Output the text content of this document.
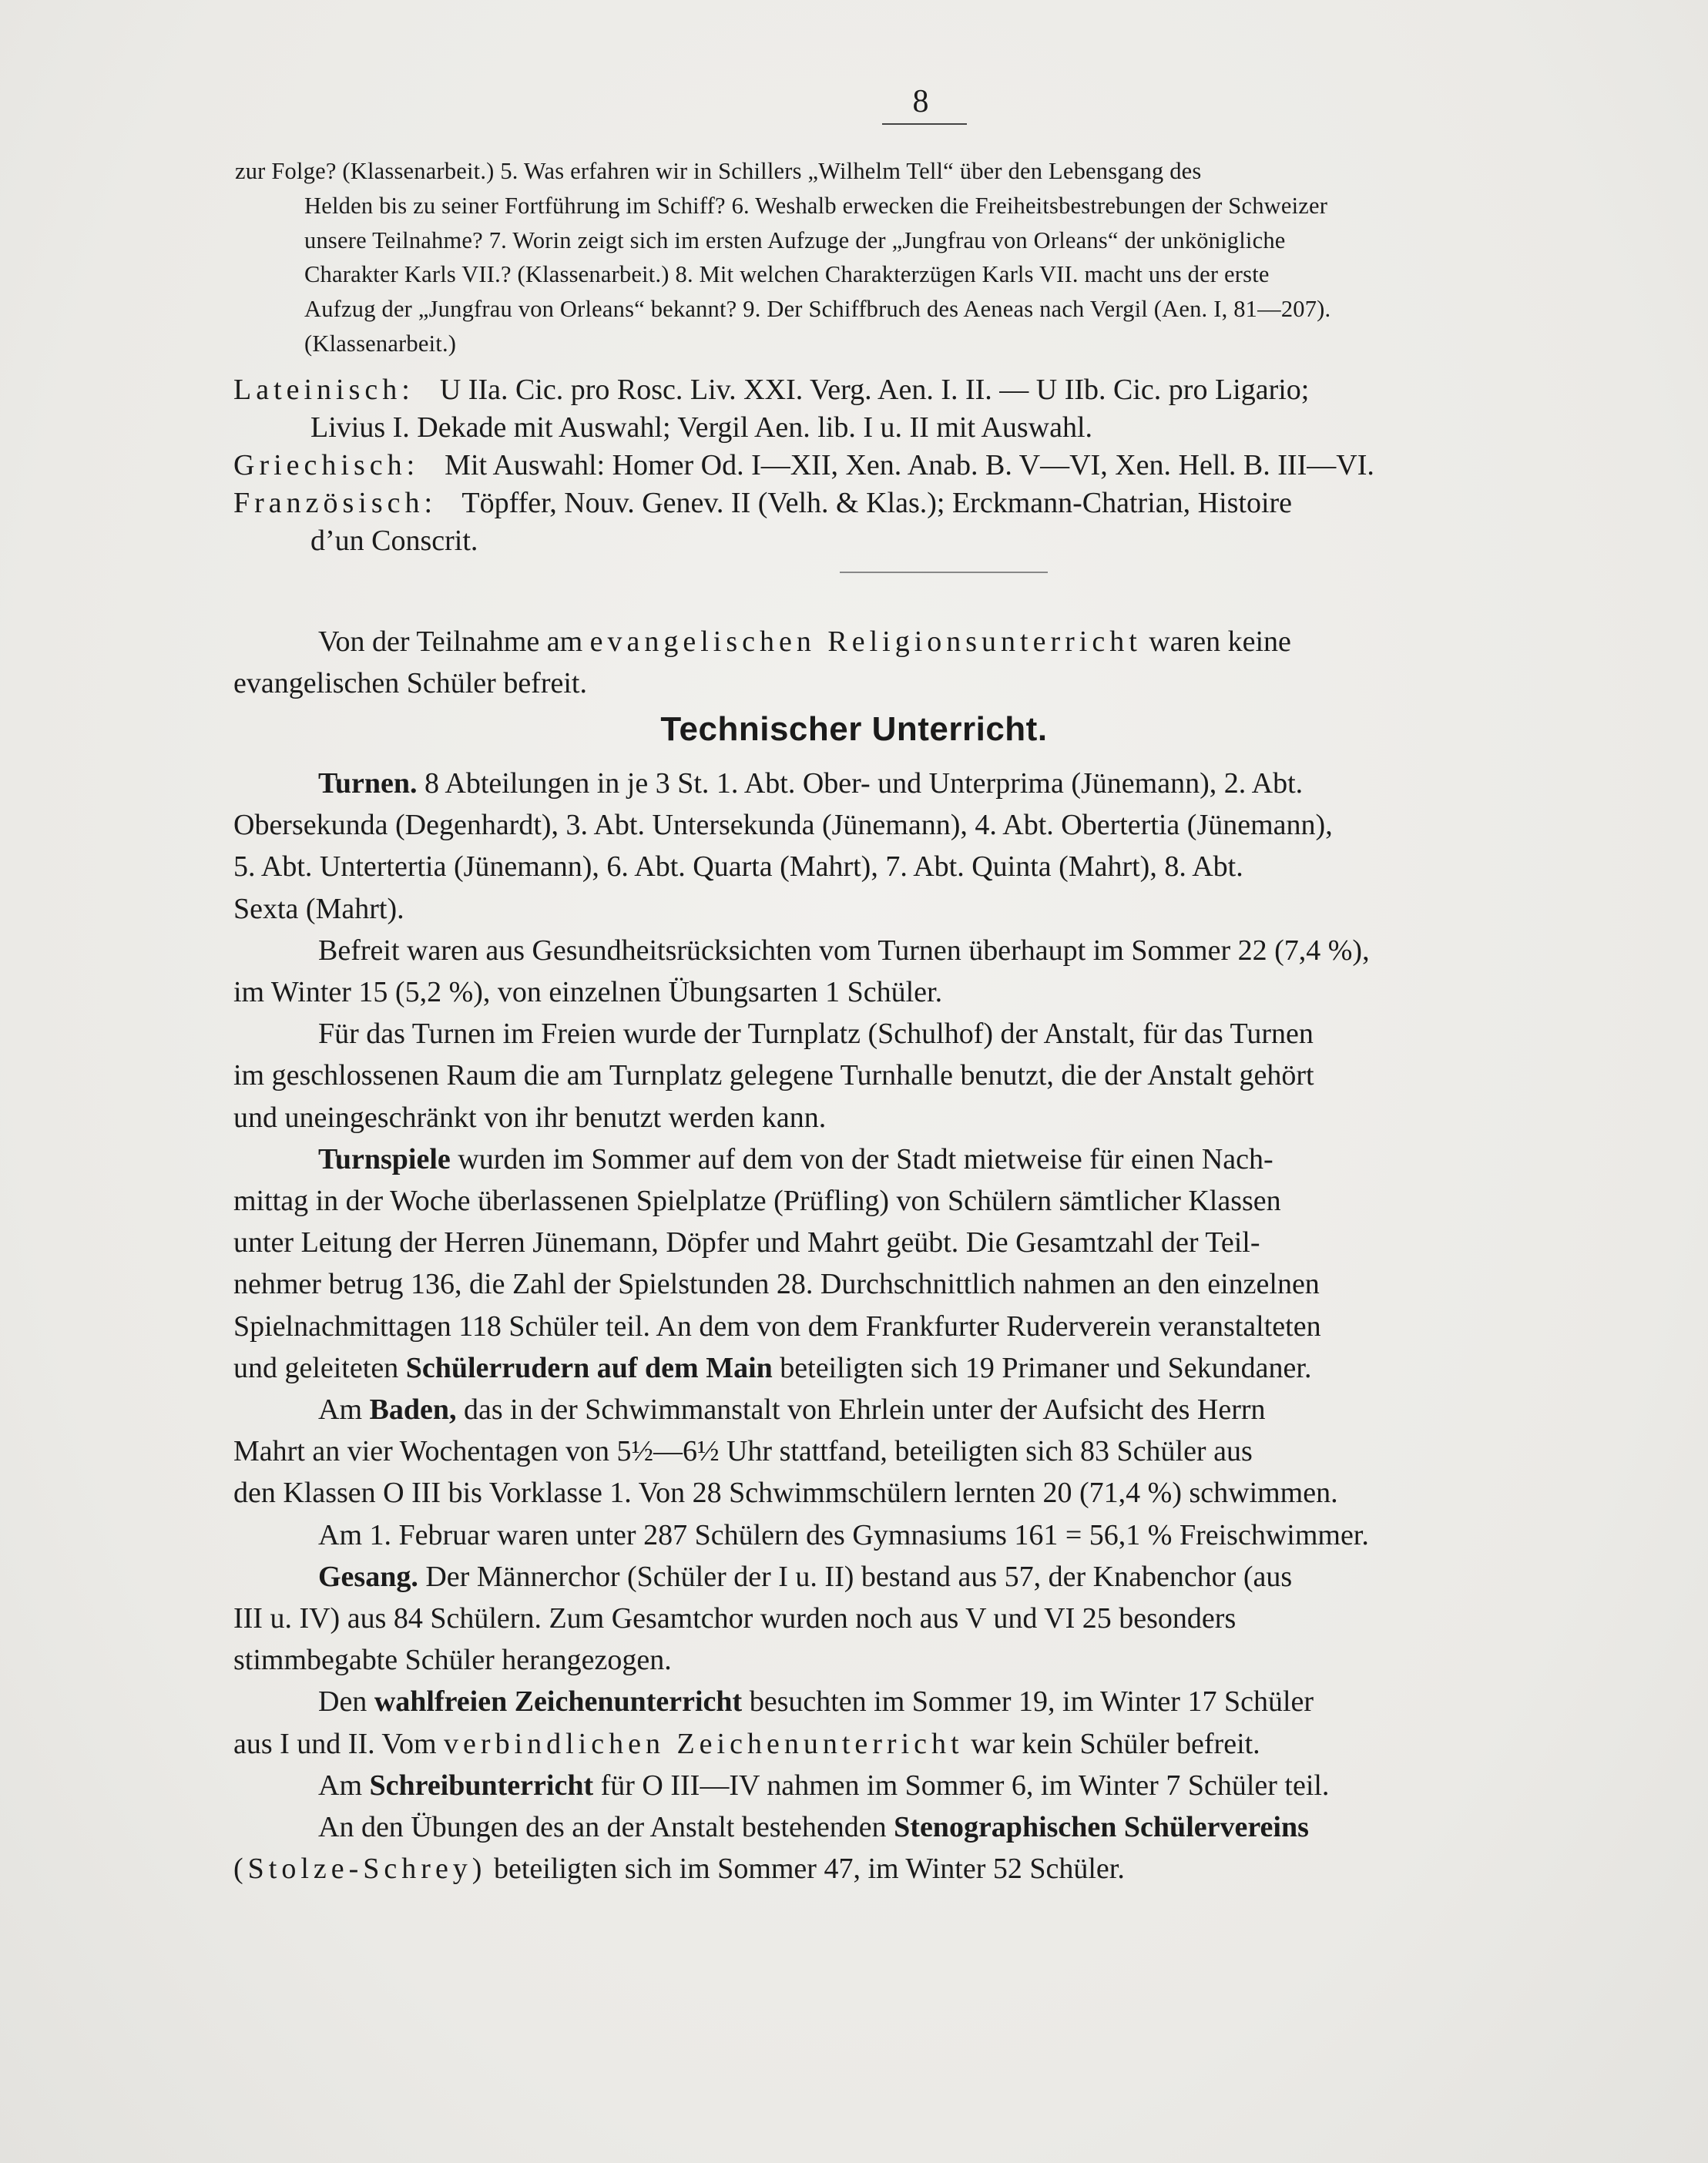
8
zur Folge? (Klassenarbeit.) 5. Was erfahren wir in Schillers „Wilhelm Tell“ über den Lebensgang des
Helden bis zu seiner Fortführung im Schiff? 6. Weshalb erwecken die Freiheitsbestrebungen der Schweizer
unsere Teilnahme? 7. Worin zeigt sich im ersten Aufzuge der „Jungfrau von Orleans“ der unkönigliche
Charakter Karls VII.? (Klassenarbeit.) 8. Mit welchen Charakterzügen Karls VII. macht uns der erste
Aufzug der „Jungfrau von Orleans“ bekannt? 9. Der Schiffbruch des Aeneas nach Vergil (Aen. I, 81—207).
(Klassenarbeit.)
Lateinisch: U IIa. Cic. pro Rosc. Liv. XXI. Verg. Aen. I. II. — U IIb. Cic. pro Ligario;
Livius I. Dekade mit Auswahl; Vergil Aen. lib. I u. II mit Auswahl.
Griechisch: Mit Auswahl: Homer Od. I—XII, Xen. Anab. B. V—VI, Xen. Hell. B. III—VI.
Französisch: Töpffer, Nouv. Genev. II (Velh. & Klas.); Erckmann-Chatrian, Histoire
d’un Conscrit.
Von der Teilnahme am evangelischen Religionsunterricht waren keine
evangelischen Schüler befreit.
Technischer Unterricht.
Turnen. 8 Abteilungen in je 3 St. 1. Abt. Ober- und Unterprima (Jünemann), 2. Abt.
Obersekunda (Degenhardt), 3. Abt. Untersekunda (Jünemann), 4. Abt. Obertertia (Jünemann),
5. Abt. Untertertia (Jünemann), 6. Abt. Quarta (Mahrt), 7. Abt. Quinta (Mahrt), 8. Abt.
Sexta (Mahrt).
Befreit waren aus Gesundheitsrücksichten vom Turnen überhaupt im Sommer 22 (7,4 %),
im Winter 15 (5,2 %), von einzelnen Übungsarten 1 Schüler.
Für das Turnen im Freien wurde der Turnplatz (Schulhof) der Anstalt, für das Turnen
im geschlossenen Raum die am Turnplatz gelegene Turnhalle benutzt, die der Anstalt gehört
und uneingeschränkt von ihr benutzt werden kann.
Turnspiele wurden im Sommer auf dem von der Stadt mietweise für einen Nach-
mittag in der Woche überlassenen Spielplatze (Prüfling) von Schülern sämtlicher Klassen
unter Leitung der Herren Jünemann, Döpfer und Mahrt geübt. Die Gesamtzahl der Teil-
nehmer betrug 136, die Zahl der Spielstunden 28. Durchschnittlich nahmen an den einzelnen
Spielnachmittagen 118 Schüler teil. An dem von dem Frankfurter Ruderverein veranstalteten
und geleiteten Schülerrudern auf dem Main beteiligten sich 19 Primaner und Sekundaner.
Am Baden, das in der Schwimmanstalt von Ehrlein unter der Aufsicht des Herrn
Mahrt an vier Wochentagen von 5½—6½ Uhr stattfand, beteiligten sich 83 Schüler aus
den Klassen O III bis Vorklasse 1. Von 28 Schwimmschülern lernten 20 (71,4 %) schwimmen.
Am 1. Februar waren unter 287 Schülern des Gymnasiums 161 = 56,1 % Freischwimmer.
Gesang. Der Männerchor (Schüler der I u. II) bestand aus 57, der Knabenchor (aus
III u. IV) aus 84 Schülern. Zum Gesamtchor wurden noch aus V und VI 25 besonders
stimmbegabte Schüler herangezogen.
Den wahlfreien Zeichenunterricht besuchten im Sommer 19, im Winter 17 Schüler
aus I und II. Vom verbindlichen Zeichenunterricht war kein Schüler befreit.
Am Schreibunterricht für O III—IV nahmen im Sommer 6, im Winter 7 Schüler teil.
An den Übungen des an der Anstalt bestehenden Stenographischen Schülervereins
(Stolze-Schrey) beteiligten sich im Sommer 47, im Winter 52 Schüler.
